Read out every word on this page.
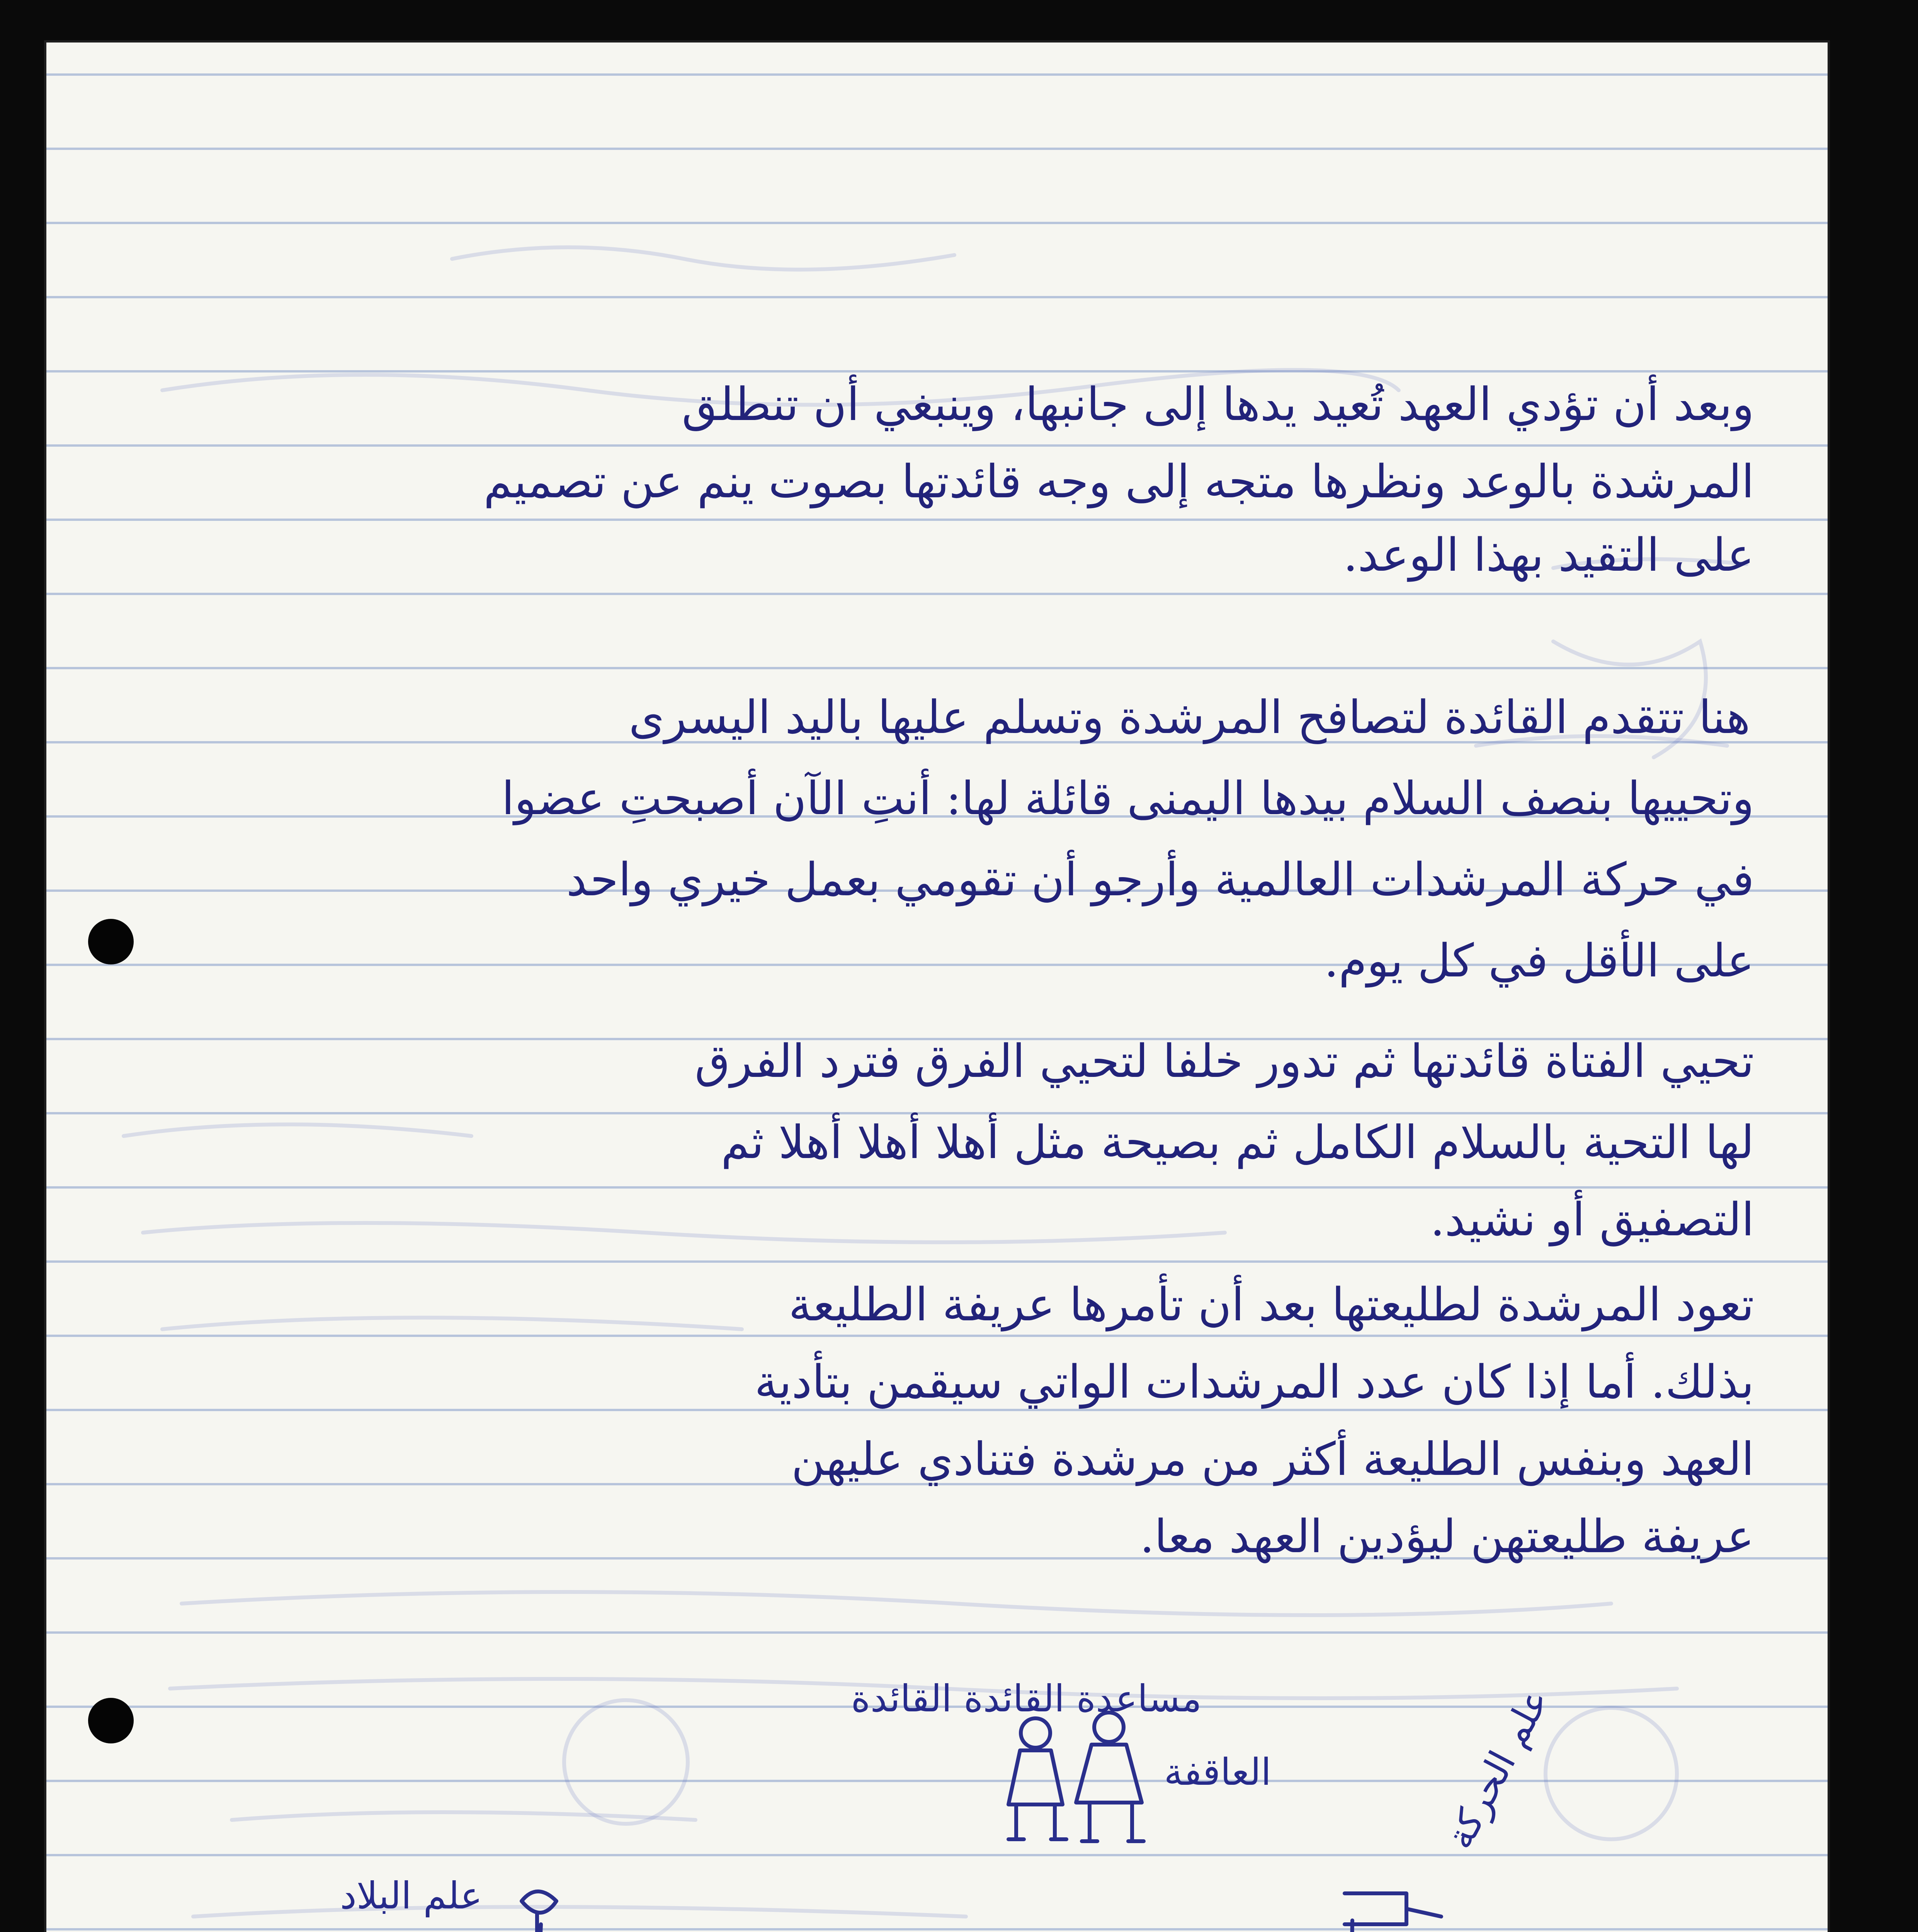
وبعد أن تؤدي العهد تُعيد يدها إلى جانبها، وينبغي أن تنطلق
المرشدة بالوعد ونظرها متجه إلى وجه قائدتها بصوت ينم عن تصميم
على التقيد بهذا الوعد.
هنا تتقدم القائدة لتصافح المرشدة وتسلم عليها باليد اليسرى
وتحييها بنصف السلام بيدها اليمنى قائلة لها: أنتِ الآن أصبحتِ عضوا
في حركة المرشدات العالمية وأرجو أن تقومي بعمل خيري واحد
على الأقل في كل يوم.
تحيي الفتاة قائدتها ثم تدور خلفا لتحيي الفرق فترد الفرق
لها التحية بالسلام الكامل ثم بصيحة مثل أهلا أهلا أهلا ثم
التصفيق أو نشيد.
تعود المرشدة لطليعتها بعد أن تأمرها عريفة الطليعة
بذلك. أما إذا كان عدد المرشدات الواتي سيقمن بتأدية
العهد وبنفس الطليعة أكثر من مرشدة فتنادي عليهن
عريفة طليعتهن ليؤدين العهد معا.
مساعدة القائدة القائدة
العاقفة
علم البلاد
علم الحركة
